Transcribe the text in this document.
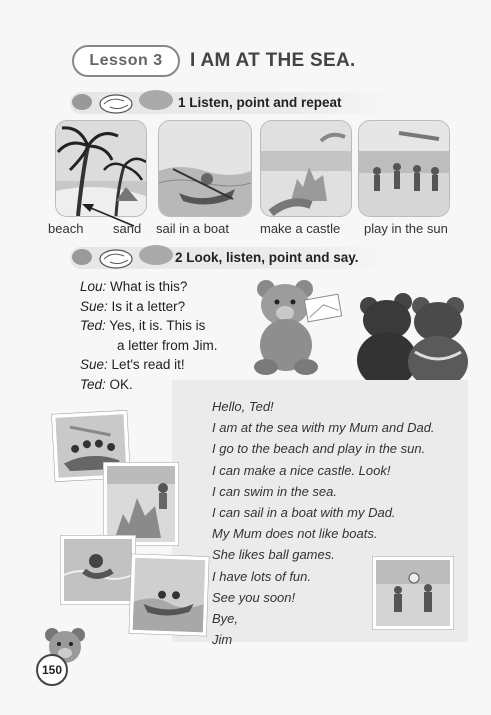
Lesson 3 I AM AT THE SEA.
1 Listen, point and repeat
beach sand sail in a boat make a castle play in the sun
2 Look, listen, point and say.
Lou: What is this?
Sue: Is it a letter?
Ted: Yes, it is. This is
a letter from Jim.
Sue: Let's read it!
Ted: OK.
Hello, Ted!
I am at the sea with my Mum and Dad.
I go to the beach and play in the sun.
I can make a nice castle. Look!
I can swim in the sea.
I can sail in a boat with my Dad.
My Mum does not like boats.
She likes ball games.
I have lots of fun.
See you soon!
Bye,
Jim
150
